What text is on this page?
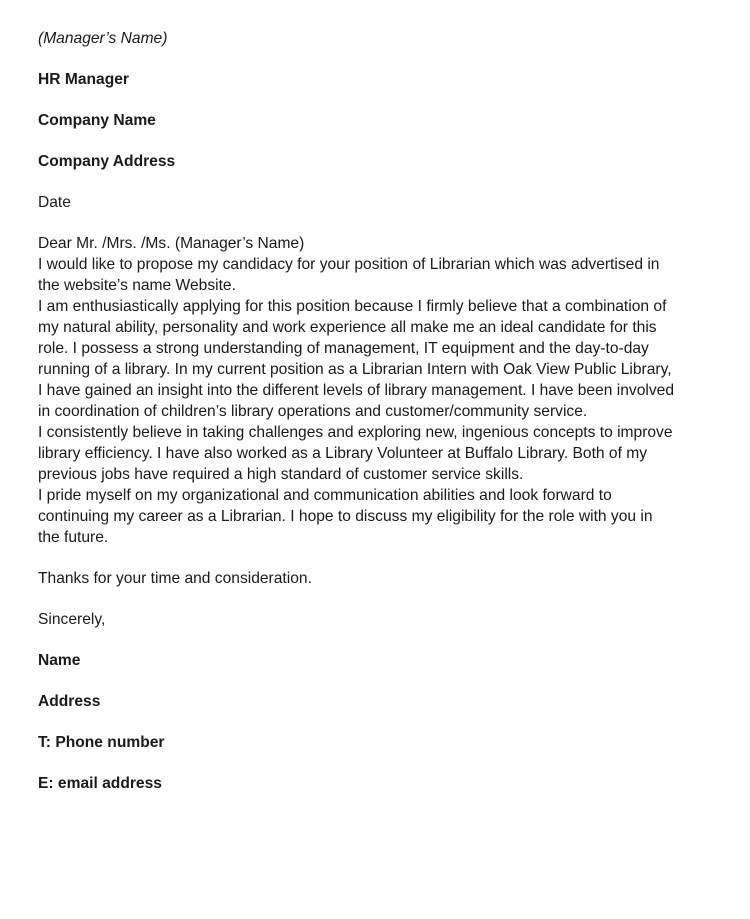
(Manager’s Name)

HR Manager

Company Name

Company Address

Date

Dear Mr. /Mrs. /Ms. (Manager’s Name)

I would like to propose my candidacy for your position of Librarian which was advertised in
the website’s name Website.
I am enthusiastically applying for this position because I firmly believe that a combination of
my natural ability, personality and work experience all make me an ideal candidate for this
role. I possess a strong understanding of management, IT equipment and the day-to-day
running of a library. In my current position as a Librarian Intern with Oak View Public Library,
I have gained an insight into the different levels of library management. I have been involved
in coordination of children’s library operations and customer/community service.
I consistently believe in taking challenges and exploring new, ingenious concepts to improve
library efficiency. I have also worked as a Library Volunteer at Buffalo Library. Both of my
previous jobs have required a high standard of customer service skills.
I pride myself on my organizational and communication abilities and look forward to
continuing my career as a Librarian. I hope to discuss my eligibility for the role with you in
the future.

Thanks for your time and consideration.

Sincerely,

Name

Address

T: Phone number

E: email address
